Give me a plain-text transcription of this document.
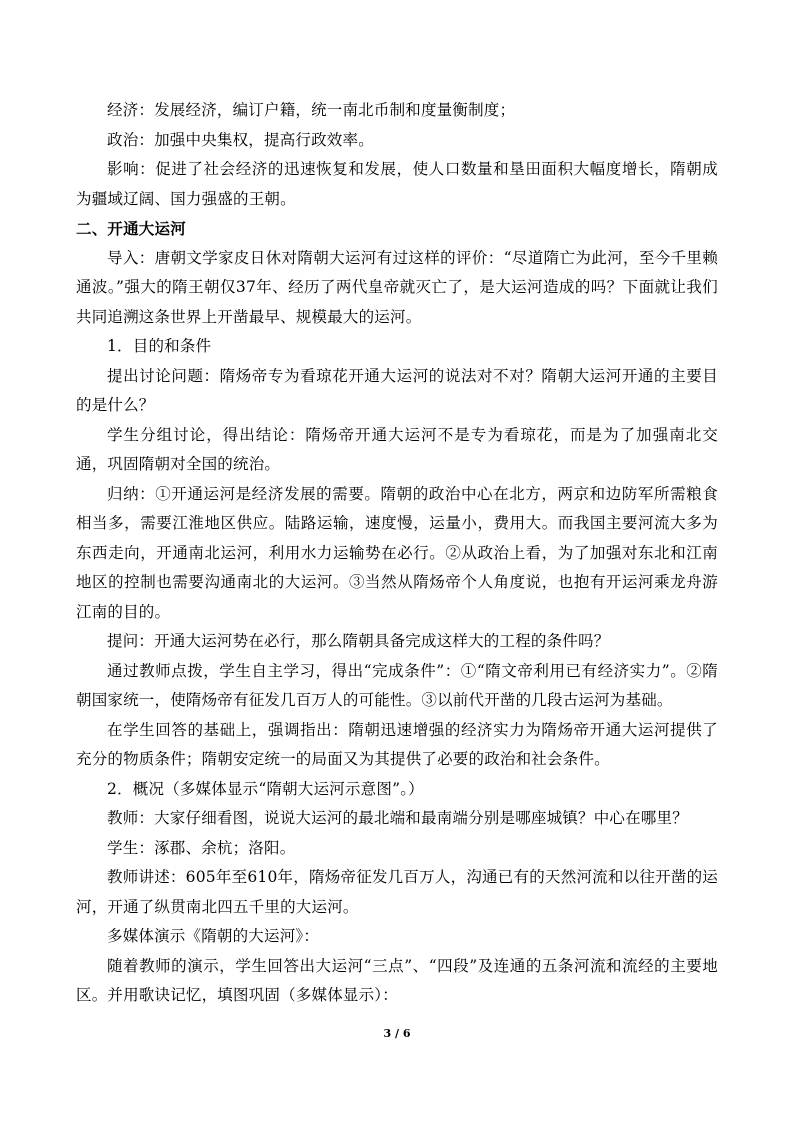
经济：发展经济，编订户籍，统一南北币制和度量衡制度；

政治：加强中央集权，提高行政效率。

影响：促进了社会经济的迅速恢复和发展，使人口数量和垦田面积大幅度增长，隋朝成为疆域辽阔、国力强盛的王朝。

二、开通大运河

导入：唐朝文学家皮日休对隋朝大运河有过这样的评价：“尽道隋亡为此河，至今千里赖通波。”强大的隋王朝仅37年、经历了两代皇帝就灭亡了，是大运河造成的吗？下面就让我们共同追溯这条世界上开凿最早、规模最大的运河。

1．目的和条件

提出讨论问题：隋炀帝专为看琼花开通大运河的说法对不对？隋朝大运河开通的主要目的是什么？

学生分组讨论，得出结论：隋炀帝开通大运河不是专为看琼花，而是为了加强南北交通，巩固隋朝对全国的统治。

归纳：①开通运河是经济发展的需要。隋朝的政治中心在北方，两京和边防军所需粮食相当多，需要江淮地区供应。陆路运输，速度慢，运量小，费用大。而我国主要河流大多为东西走向，开通南北运河，利用水力运输势在必行。②从政治上看，为了加强对东北和江南地区的控制也需要沟通南北的大运河。③当然从隋炀帝个人角度说，也抱有开运河乘龙舟游江南的目的。

提问：开通大运河势在必行，那么隋朝具备完成这样大的工程的条件吗？

通过教师点拨，学生自主学习，得出“完成条件”：①“隋文帝利用已有经济实力”。②隋朝国家统一，使隋炀帝有征发几百万人的可能性。③以前代开凿的几段古运河为基础。

在学生回答的基础上，强调指出：隋朝迅速增强的经济实力为隋炀帝开通大运河提供了充分的物质条件；隋朝安定统一的局面又为其提供了必要的政治和社会条件。

2．概况（多媒体显示“隋朝大运河示意图”。）

教师：大家仔细看图，说说大运河的最北端和最南端分别是哪座城镇？中心在哪里？

学生：涿郡、余杭；洛阳。

教师讲述：605年至610年，隋炀帝征发几百万人，沟通已有的天然河流和以往开凿的运河，开通了纵贯南北四五千里的大运河。

多媒体演示《隋朝的大运河》：

随着教师的演示，学生回答出大运河“三点”、“四段”及连通的五条河流和流经的主要地区。并用歌诀记忆，填图巩固（多媒体显示）：

3 / 6
